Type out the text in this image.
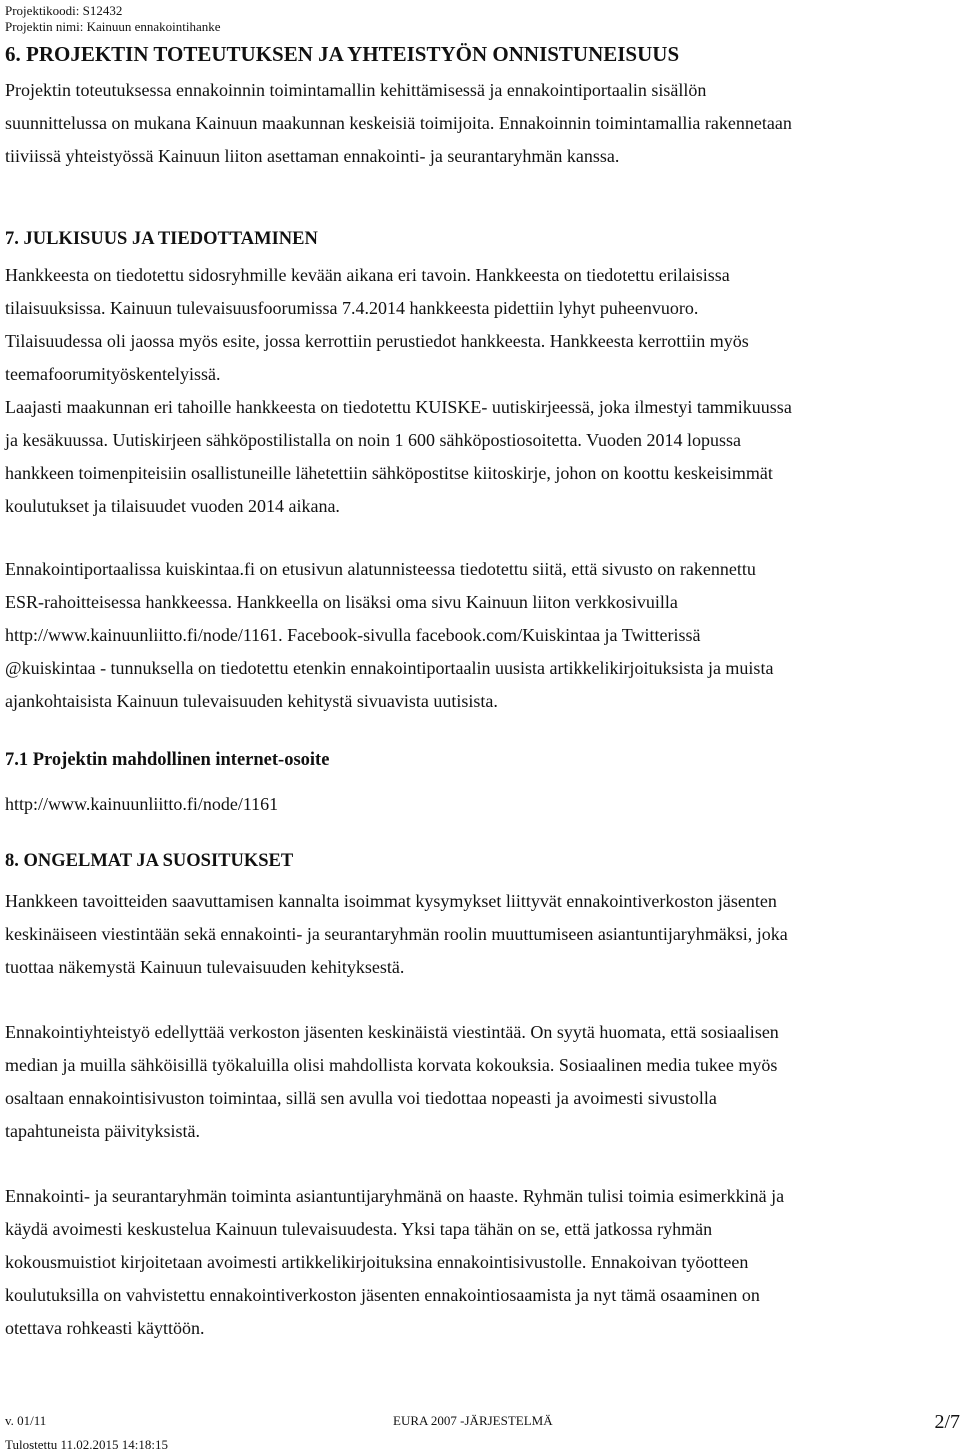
Projektikoodi: S12432
Projektin nimi: Kainuun ennakointihanke
6. PROJEKTIN TOTEUTUKSEN JA YHTEISTYÖN ONNISTUNEISUUS

Projektin toteutuksessa ennakoinnin toimintamallin kehittämisessä ja ennakointiportaalin sisällön
suunnittelussa on mukana Kainuun maakunnan keskeisiä toimijoita. Ennakoinnin toimintamallia rakennetaan
tiiviissä yhteistyössä Kainuun liiton asettaman ennakointi- ja seurantaryhmän kanssa.

7. JULKISUUS JA TIEDOTTAMINEN

Hankkeesta on tiedotettu sidosryhmille kevään aikana eri tavoin. Hankkeesta on tiedotettu erilaisissa
tilaisuuksissa. Kainuun tulevaisuusfoorumissa 7.4.2014 hankkeesta pidettiin lyhyt puheenvuoro.
Tilaisuudessa oli jaossa myös esite, jossa kerrottiin perustiedot hankkeesta. Hankkeesta kerrottiin myös
teemafoorumityöskentelyissä.
Laajasti maakunnan eri tahoille hankkeesta on tiedotettu KUISKE- uutiskirjeessä, joka ilmestyi tammikuussa
ja kesäkuussa. Uutiskirjeen sähköpostilistalla on noin 1 600 sähköpostiosoitetta. Vuoden 2014 lopussa
hankkeen toimenpiteisiin osallistuneille lähetettiin sähköpostitse kiitoskirje, johon on koottu keskeisimmät
koulutukset ja tilaisuudet vuoden 2014 aikana.

Ennakointiportaalissa kuiskintaa.fi on etusivun alatunnisteessa tiedotettu siitä, että sivusto on rakennettu
ESR-rahoitteisessa hankkeessa. Hankkeella on lisäksi oma sivu Kainuun liiton verkkosivuilla
http://www.kainuunliitto.fi/node/1161. Facebook-sivulla facebook.com/Kuiskintaa ja Twitterissä
@kuiskintaa - tunnuksella on tiedotettu etenkin ennakointiportaalin uusista artikkelikirjoituksista ja muista
ajankohtaisista Kainuun tulevaisuuden kehitystä sivuavista uutisista.

7.1 Projektin mahdollinen internet-osoite

http://www.kainuunliitto.fi/node/1161

8. ONGELMAT JA SUOSITUKSET

Hankkeen tavoitteiden saavuttamisen kannalta isoimmat kysymykset liittyvät ennakointiverkoston jäsenten
keskinäiseen viestintään sekä ennakointi- ja seurantaryhmän roolin muuttumiseen asiantuntijaryhmäksi, joka
tuottaa näkemystä Kainuun tulevaisuuden kehityksestä.

Ennakointiyhteistyö edellyttää verkoston jäsenten keskinäistä viestintää. On syytä huomata, että sosiaalisen
median ja muilla sähköisillä työkaluilla olisi mahdollista korvata kokouksia. Sosiaalinen media tukee myös
osaltaan ennakointisivuston toimintaa, sillä sen avulla voi tiedottaa nopeasti ja avoimesti sivustolla
tapahtuneista päivityksistä.

Ennakointi- ja seurantaryhmän toiminta asiantuntijaryhmänä on haaste. Ryhmän tulisi toimia esimerkkinä ja
käydä avoimesti keskustelua Kainuun tulevaisuudesta. Yksi tapa tähän on se, että jatkossa ryhmän
kokousmuistiot kirjoitetaan avoimesti artikkelikirjoituksina ennakointisivustolle. Ennakoivan työotteen
koulutuksilla on vahvistettu ennakointiverkoston jäsenten ennakointiosaamista ja nyt tämä osaaminen on
otettava rohkeasti käyttöön.

v. 01/11	EURA 2007 -JÄRJESTELMÄ	2/7
Tulostettu 11.02.2015 14:18:15
